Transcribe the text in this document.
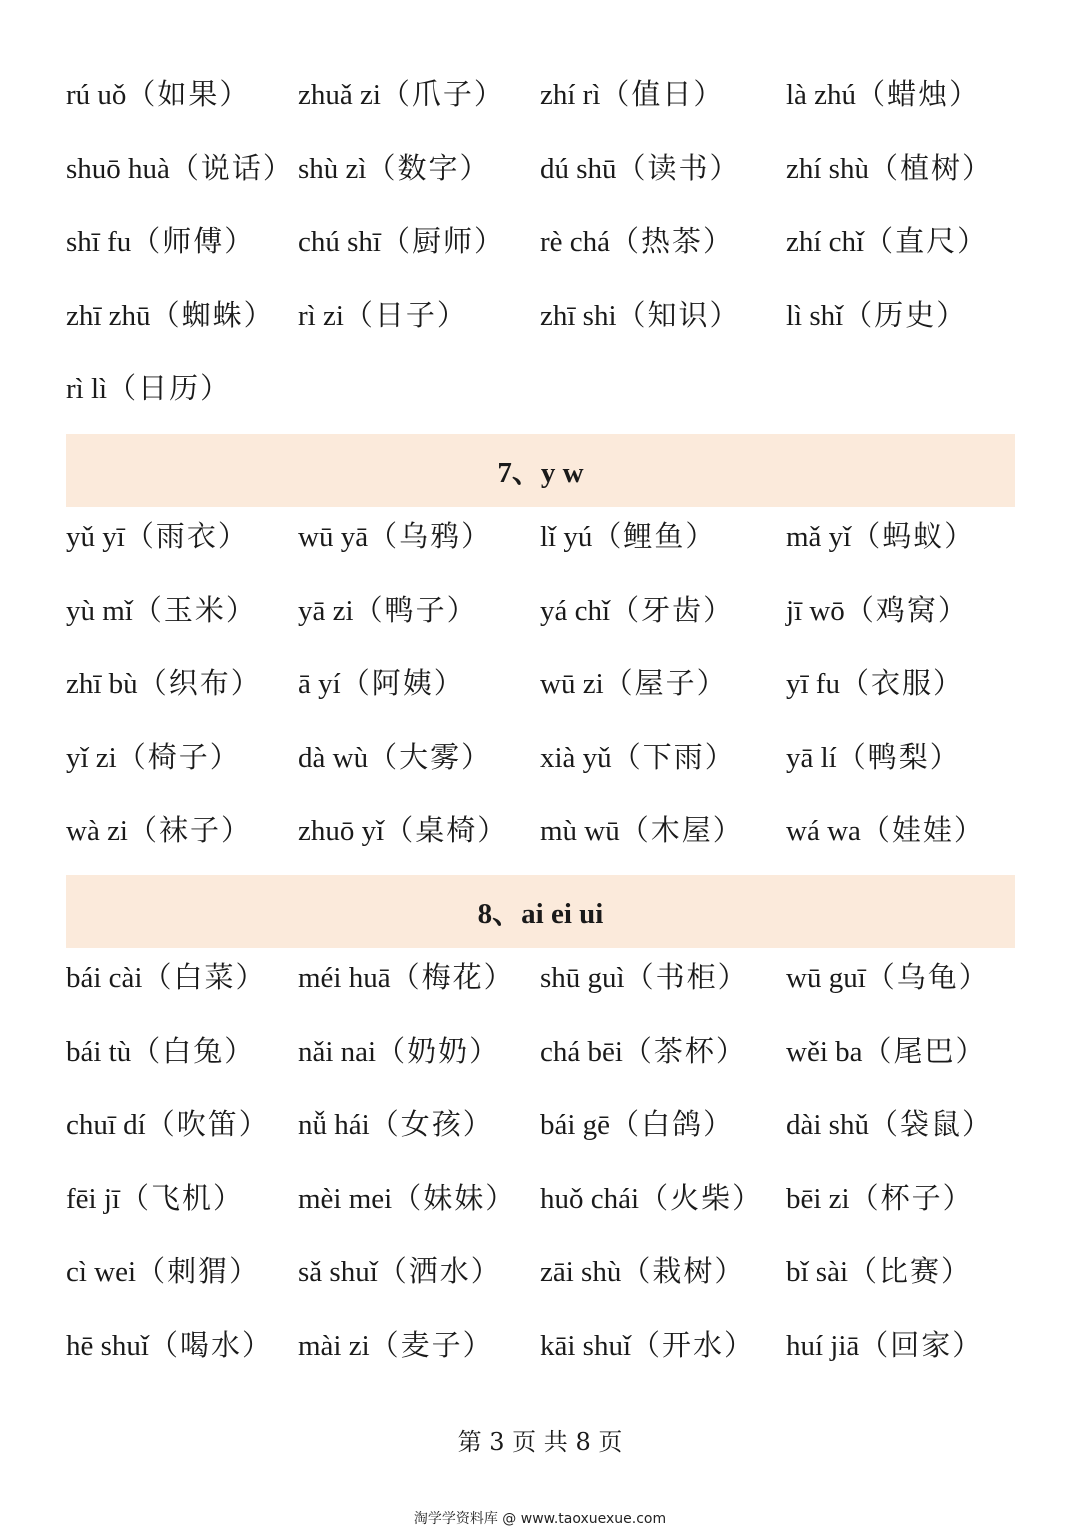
rú uǒ（如果） zhuǎ zi（爪子） zhí rì（值日） là zhú（蜡烛）
shuō huà（说话） shù zì（数字） dú shū（读书） zhí shù（植树）
shī fu（师傅） chú shī（厨师） rè chá（热茶） zhí chǐ（直尺）
zhī zhū（蜘蛛） rì zi（日子） zhī shi（知识） lì shǐ（历史）
rì lì（日历）
7、y w
yǔ yī（雨衣） wū yā（乌鸦） lǐ yú（鲤鱼） mǎ yǐ（蚂蚁）
yù mǐ（玉米） yā zi（鸭子） yá chǐ（牙齿） jī wō（鸡窝）
zhī bù（织布） ā yí（阿姨）	wū zi（屋子） yī fu（衣服）
yǐ zi（椅子） dà wù（大雾） xià yǔ（下雨） yā lí（鸭梨）
wà zi（袜子） zhuō yǐ（桌椅） mù wū（木屋） wá wa（娃娃）
8、ai ei ui
bái cài（白菜） méi huā（梅花） shū guì（书柜） wū guī（乌龟）
bái tù（白兔） nǎi nai（奶奶） chá bēi（茶杯） wěi ba（尾巴）
chuī dí（吹笛） nǚ hái（女孩） bái gē（白鸽） dài shǔ（袋鼠）
fēi jī（飞机） mèi mei（妹妹） huǒ chái（火柴） bēi zi（杯子）
cì wei（刺猬） sǎ shuǐ（洒水） zāi shù（栽树） bǐ sài（比赛）
hē shuǐ（喝水） mài zi（麦子） kāi shuǐ（开水） huí jiā（回家）
第 3 页 共 8 页
淘学学资料库 @ www.taoxuexue.com
